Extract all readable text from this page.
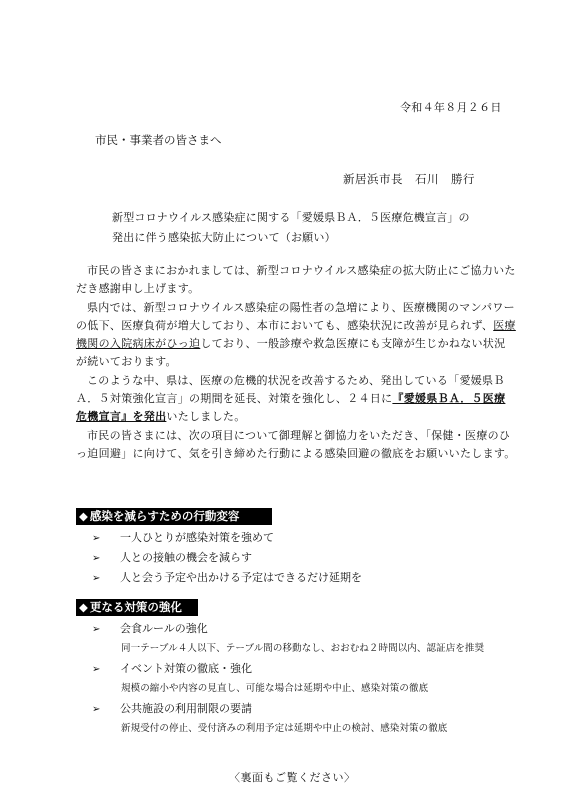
令和４年８月２６日
市民・事業者の皆さまへ
新居浜市長　石川　勝行
新型コロナウイルス感染症に関する「愛媛県ＢＡ．５医療危機宣言」の
発出に伴う感染拡大防止について（お願い）

市民の皆さまにおかれましては、新型コロナウイルス感染症の拡大防止にご協力いただき感謝申し上げます。

県内では、新型コロナウイルス感染症の陽性者の急増により、医療機関のマンパワーの低下、医療負荷が増大しており、本市においても、感染状況に改善が見られず、医療機関の入院病床がひっ迫しており、一般診療や救急医療にも支障が生じかねない状況が続いております。

このような中、県は、医療の危機的状況を改善するため、発出している「愛媛県ＢＡ．５対策強化宣言」の期間を延長、対策を強化し、２４日に『愛媛県ＢＡ．５医療危機宣言』を発出いたしました。

市民の皆さまには、次の項目について御理解と御協力をいただき、「保健・医療のひっ迫回避」に向けて、気を引き締めた行動による感染回避の徹底をお願いいたします。

◆ 感染を減らすための行動変容
➢ 一人ひとりが感染対策を強めて
➢ 人との接触の機会を減らす
➢ 人と会う予定や出かける予定はできるだけ延期を
◆ 更なる対策の強化
➢ 会食ルールの強化
同一テーブル４人以下、テーブル間の移動なし、おおむね２時間以内、認証店を推奨
➢ イベント対策の徹底・強化
規模の縮小や内容の見直し、可能な場合は延期や中止、感染対策の徹底
➢ 公共施設の利用制限の要請
新規受付の停止、受付済みの利用予定は延期や中止の検討、感染対策の徹底
〈裏面もご覧ください〉
